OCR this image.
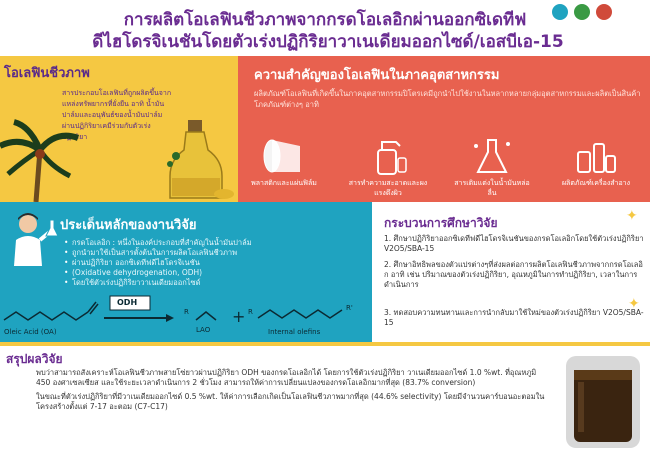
การผลิตโอเลฟินชีวภาพจากกรดโอเลอิกผ่านออกซิเดทีฟ
ดีไฮโดรจิเนชันโดยตัวเร่งปฏิกิริยาวาเนเดียมออกไซด์/เอสบีเอ-15
โอเลฟินชีวภาพ
สารประกอบโอเลฟินที่ถูกผลิตขึ้นจากแหล่งทรัพยากรที่ยั่งยืน อาทิ น้ำมันปาล์มและอนุพันธ์ของน้ำมันปาล์ม ผ่านปฏิกิริยาเคมีร่วมกับตัวเร่งปฏิกิริยา
ความสำคัญของโอเลฟินในภาคอุตสาหกรรม
ผลิตภัณฑ์โอเลฟินที่เกิดขึ้นในภาคอุตสาหกรรมปิโตรเคมีถูกนำไปใช้งานในหลากหลายกลุ่มอุตสาหกรรมและผลิตเป็นสินค้าโภคภัณฑ์ต่างๆ อาทิ
พลาสติกและแผ่นฟิล์ม	สารทำความสะอาดและผงแรงดึงผิว
สารเติมแต่งในน้ำมันหล่อลื่น
ผลิตภัณฑ์เครื่องสำอาง
ประเด็นหลักของงานวิจัย
• กรดโอเลอิก : หนึ่งในองค์ประกอบที่สำคัญในน้ำมันปาล์ม
• ถูกนำมาใช้เป็นสารตั้งต้นในการผลิตโอเลฟินชีวภาพ
• ผ่านปฏิกิริยา ออกซิเดทีฟดีไฮโดรจิเนชัน
• (Oxidative dehydrogenation, ODH)
• โดยใช้ตัวเร่งปฏิกิริยาวาเนเดียมออกไซด์
+
Oleic Acid (OA)
ODH
R
LAO
R	R'
Internal olefins
✦
กระบวนการศึกษาวิจัย
1. ศึกษาปฏิกิริยาออกซิเดทีฟดีไฮโดรจิเนชันของกรดโอเลอิกโดยใช้ตัวเร่งปฏิกิริยา V2O5/SBA-15
2. ศึกษาอิทธิพลของตัวแปรต่างๆที่ส่งผลต่อการผลิตโอเลฟินชีวภาพจากกรดโอเลอิก อาทิ เช่น ปริมาณของตัวเร่งปฏิกิริยา, อุณหภูมิในการทำปฏิกิริยา, เวลาในการดำเนินการ
3. ทดสอบความทนทานและการนำกลับมาใช้ใหม่ของตัวเร่งปฏิกิริยา V2O5/SBA-15
✦
สรุปผลวิจัย

พบว่าสามารถสังเคราะห์โอเลฟินชีวภาพสายโซ่ยาวผ่านปฏิกิริยา ODH ของกรดโอเลอิกได้ โดยการใช้ตัวเร่งปฏิกิริยา วาเนเดียมออกไซด์ 1.0 %wt. ที่อุณหภูมิ 450 องศาเซลเซียส และใช้ระยะเวลาดำเนินการ 2 ชั่วโมง สามารถให้ค่าการเปลี่ยนแปลงของกรดโอเลอิกมากที่สุด (83.7% conversion)

ในขณะที่ตัวเร่งปฏิกิริยาที่มีวาเนเดียมออกไซด์ 0.5 %wt. ให้ค่าการเลือกเกิดเป็นโอเลฟินชีวภาพมากที่สุด (44.6% selectivity) โดยมีจำนวนคาร์บอนอะตอมในโครงสร้างตั้งแต่ 7-17 อะตอม (C7-C17)
